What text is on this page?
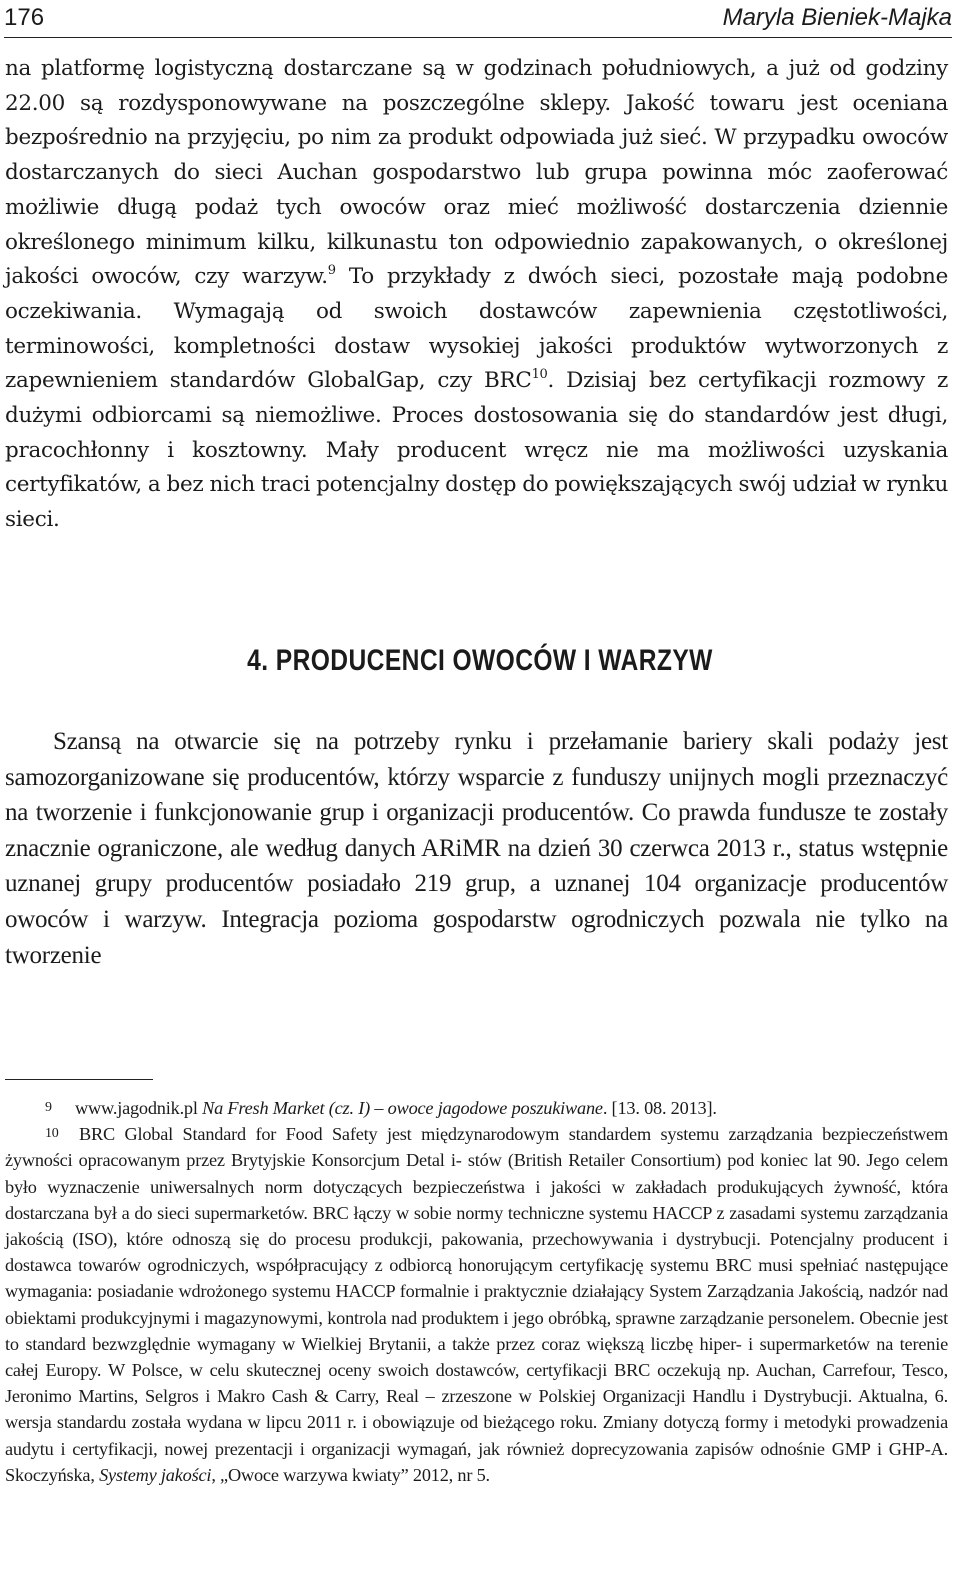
176	Maryla Bieniek-Majka

na platformę logistyczną dostarczane są w godzinach południowych, a już od godziny 22.00 są rozdysponowywane na poszczególne sklepy. Jakość towaru jest oceniana bezpośrednio na przyjęciu, po nim za produkt odpowiada już sieć. W przypadku owoców dostarczanych do sieci Auchan gospodarstwo lub grupa powinna móc zaoferować możliwie długą podaż tych owoców oraz mieć możliwość dostarczenia dziennie określonego minimum kilku, kilkunastu ton odpowiednio zapakowanych, o określonej jakości owoców, czy warzyw.$^9$ To przykłady z dwóch sieci, pozostałe mają podobne oczekiwania. Wymagają od swoich dostawców zapewnienia częstotliwości, terminowości, kompletności dostaw wysokiej jakości produktów wytworzonych z zapewnieniem standardów GlobalGap, czy BRC$^{10}$. Dzisiaj bez certyfikacji rozmowy z dużymi odbiorcami są niemożliwe. Proces dostosowania się do standardów jest długi, pracochłonny i kosztowny. Mały producent wręcz nie ma możliwości uzyskania certyfikatów, a bez nich traci potencjalny dostęp do powiększających swój udział w rynku sieci.

4. PRODUCENCI OWOCÓW I WARZYW

Szansą na otwarcie się na potrzeby rynku i przełamanie bariery skali podaży jest samozorganizowane się producentów, którzy wsparcie z funduszy unijnych mogli przeznaczyć na tworzenie i funkcjonowanie grup i organizacji producentów. Co prawda fundusze te zostały znacznie ograniczone, ale według danych ARiMR na dzień 30 czerwca 2013 r., status wstępnie uznanej grupy producentów posiadało 219 grup, a uznanej 104 organizacje producentów owoców i warzyw. Integracja pozioma gospodarstw ogrodniczych pozwala nie tylko na tworzenie

9 www.jagodnik.pl Na Fresh Market (cz. I) – owoce jagodowe poszukiwane. [13. 08. 2013].

10 BRC Global Standard for Food Safety jest międzynarodowym standardem systemu zarządzania bezpieczeństwem żywności opracowanym przez Brytyjskie Konsorcjum Detal i- stów (British Retailer Consortium) pod koniec lat 90. Jego celem było wyznaczenie uniwersalnych norm dotyczących bezpieczeństwa i jakości w zakładach produkujących żywność, która dostarczana był a do sieci supermarketów. BRC łączy w sobie normy techniczne systemu HACCP z zasadami systemu zarządzania jakością (ISO), które odnoszą się do procesu produkcji, pakowania, przechowywania i dystrybucji. Potencjalny producent i dostawca towarów ogrodniczych, współpracujący z odbiorcą honorującym certyfikację systemu BRC musi spełniać następujące wymagania: posiadanie wdrożonego systemu HACCP formalnie i praktycznie działający System Zarządzania Jakością, nadzór nad obiektami produkcyjnymi i magazynowymi, kontrola nad produktem i jego obróbką, sprawne zarządzanie personelem. Obecnie jest to standard bezwzględnie wymagany w Wielkiej Brytanii, a także przez coraz większą liczbę hiper- i supermarketów na terenie całej Europy. W Polsce, w celu skutecznej oceny swoich dostawców, certyfikacji BRC oczekują np. Auchan, Carrefour, Tesco, Jeronimo Martins, Selgros i Makro Cash & Carry, Real – zrzeszone w Polskiej Organizacji Handlu i Dystrybucji. Aktualna, 6. wersja standardu została wydana w lipcu 2011 r. i obowiązuje od bieżącego roku. Zmiany dotyczą formy i metodyki prowadzenia audytu i certyfikacji, nowej prezentacji i organizacji wymagań, jak również doprecyzowania zapisów odnośnie GMP i GHP-A. Skoczyńska, Systemy jakości, „Owoce warzywa kwiaty” 2012, nr 5.
